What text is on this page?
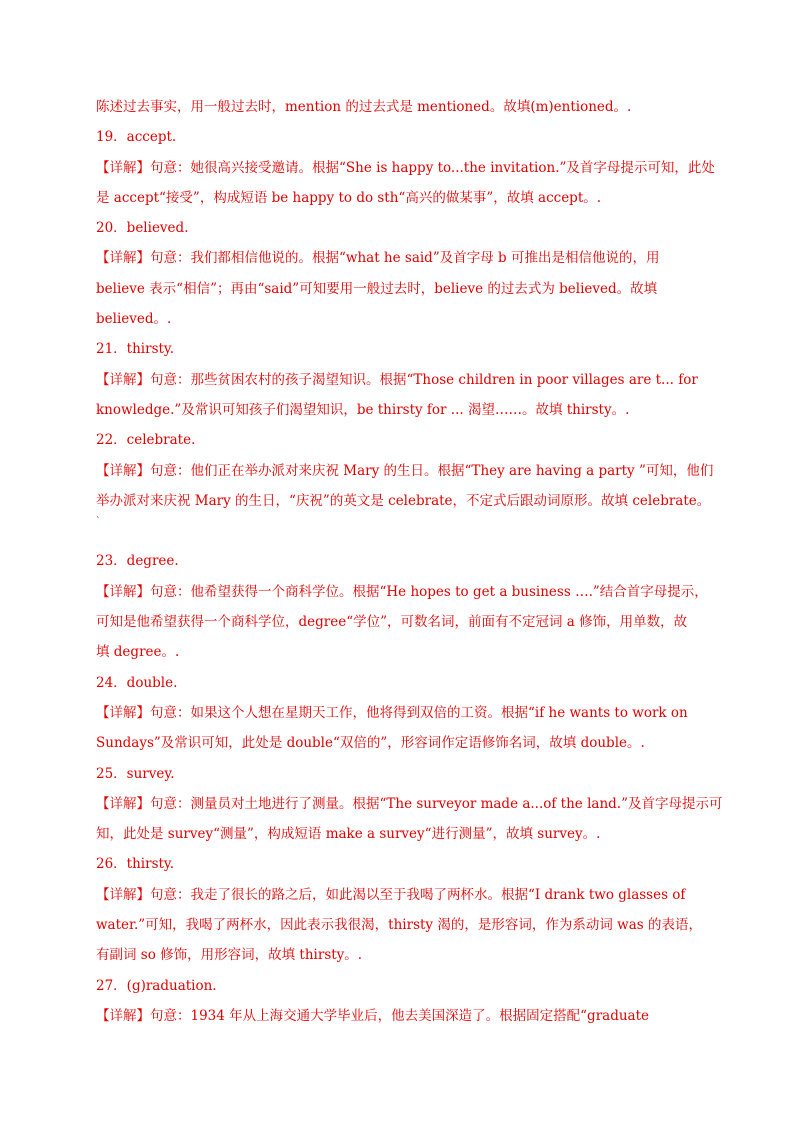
陈述过去事实，用一般过去时，mention 的过去式是 mentioned。故填(m)entioned。.
19．accept.
【详解】句意：她很高兴接受邀请。根据“She is happy to...the invitation.”及首字母提示可知，此处
是 accept“接受”，构成短语 be happy to do sth“高兴的做某事”，故填 accept。.
20．believed.
【详解】句意：我们都相信他说的。根据“what he said”及首字母 b 可推出是相信他说的，用
believe 表示“相信”；再由“said”可知要用一般过去时，believe 的过去式为 believed。故填
believed。.
21．thirsty.
【详解】句意：那些贫困农村的孩子渴望知识。根据“Those children in poor villages are t... for
knowledge.”及常识可知孩子们渴望知识，be thirsty for ... 渴望……。故填 thirsty。.
22．celebrate.
【详解】句意：他们正在举办派对来庆祝 Mary 的生日。根据“They are having a party ”可知，他们
举办派对来庆祝 Mary 的生日，“庆祝”的英文是 celebrate，不定式后跟动词原形。故填 celebrate。
`
23．degree.
【详解】句意：他希望获得一个商科学位。根据“He hopes to get a business ….”结合首字母提示，
可知是他希望获得一个商科学位，degree“学位”，可数名词，前面有不定冠词 a 修饰，用单数，故
填 degree。.
24．double.
【详解】句意：如果这个人想在星期天工作，他将得到双倍的工资。根据“if he wants to work on
Sundays”及常识可知，此处是 double“双倍的”，形容词作定语修饰名词，故填 double。.
25．survey.
【详解】句意：测量员对土地进行了测量。根据“The surveyor made a...of the land.”及首字母提示可
知，此处是 survey“测量”，构成短语 make a survey“进行测量”，故填 survey。.
26．thirsty.
【详解】句意：我走了很长的路之后，如此渴以至于我喝了两杯水。根据“I drank two glasses of
water.”可知，我喝了两杯水，因此表示我很渴，thirsty 渴的，是形容词，作为系动词 was 的表语，
有副词 so 修饰，用形容词，故填 thirsty。.
27．(g)raduation.
【详解】句意：1934 年从上海交通大学毕业后，他去美国深造了。根据固定搭配“graduate
